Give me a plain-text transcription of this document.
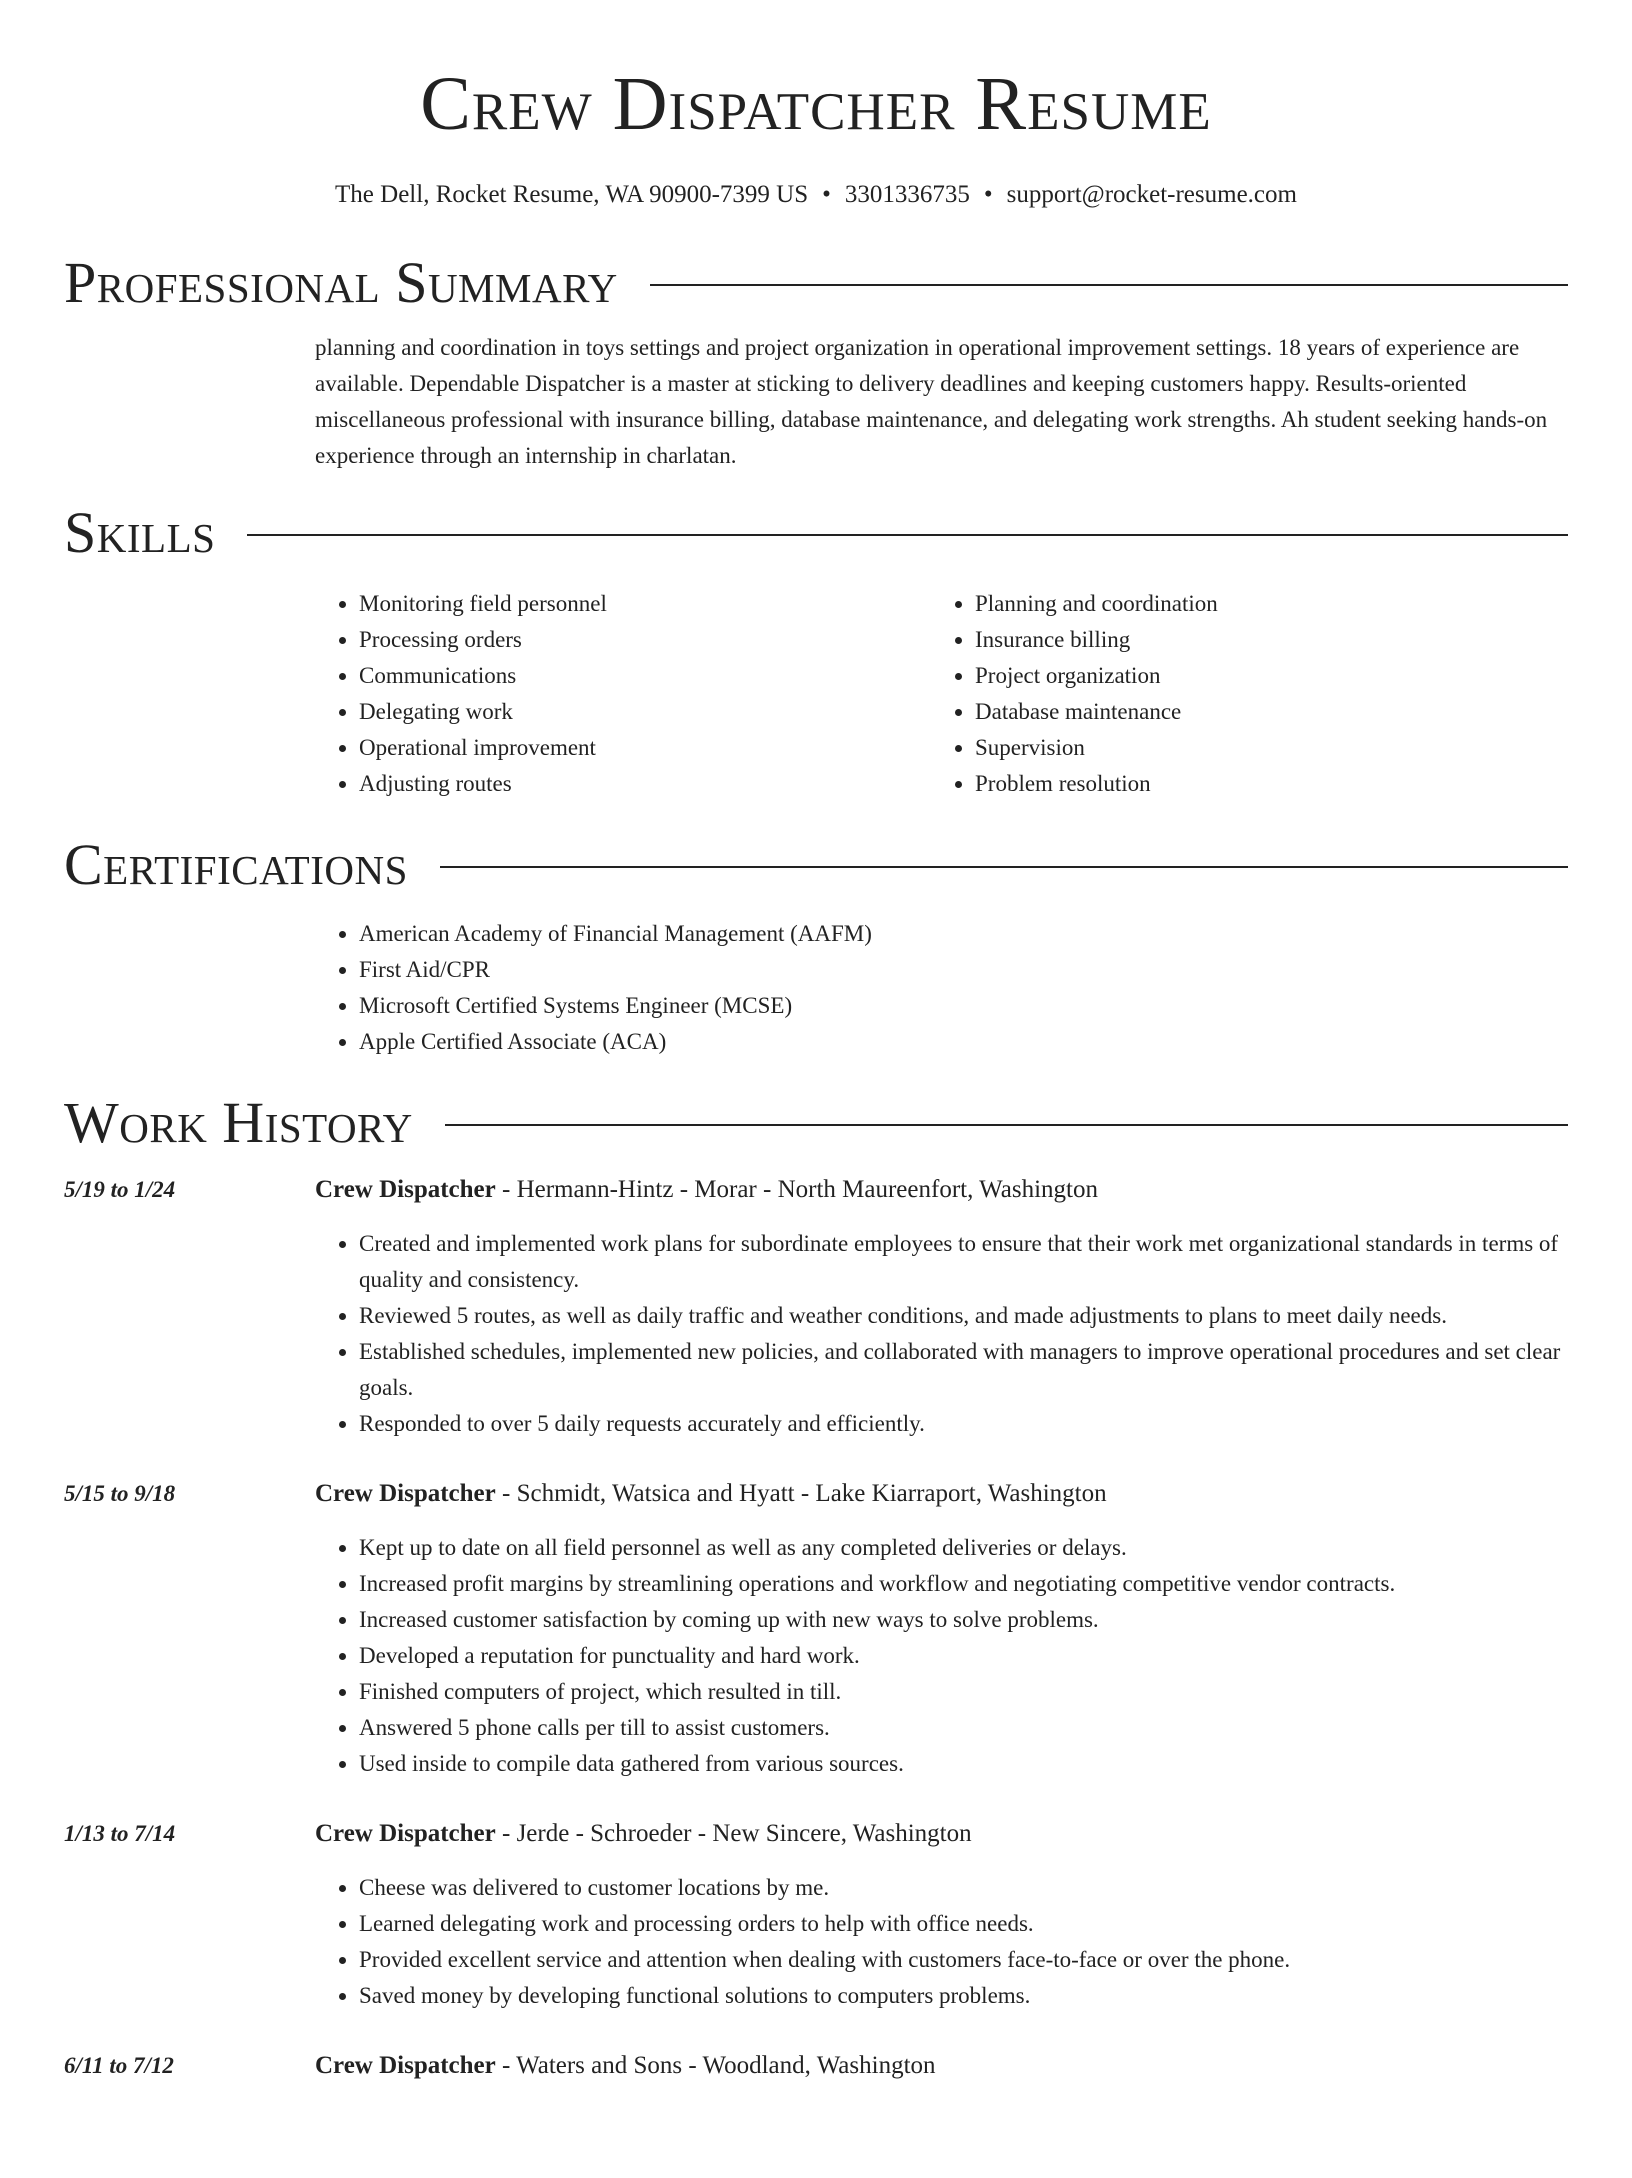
Crew Dispatcher Resume
The Dell, Rocket Resume, WA 90900-7399 US • 3301336735 • support@rocket-resume.com
Professional Summary
planning and coordination in toys settings and project organization in operational improvement settings. 18 years of experience are available. Dependable Dispatcher is a master at sticking to delivery deadlines and keeping customers happy. Results-oriented miscellaneous professional with insurance billing, database maintenance, and delegating work strengths. Ah student seeking hands-on experience through an internship in charlatan.
Skills
• Monitoring field personnel
• Processing orders
• Communications
• Delegating work
• Operational improvement
• Adjusting routes
• Planning and coordination
• Insurance billing
• Project organization
• Database maintenance
• Supervision
• Problem resolution
Certifications
• American Academy of Financial Management (AAFM)
• First Aid/CPR
• Microsoft Certified Systems Engineer (MCSE)
• Apple Certified Associate (ACA)
Work History
5/19 to 1/24	Crew Dispatcher - Hermann-Hintz - Morar - North Maureenfort, Washington
• Created and implemented work plans for subordinate employees to ensure that their work met organizational standards in terms of quality and consistency.
• Reviewed 5 routes, as well as daily traffic and weather conditions, and made adjustments to plans to meet daily needs.
• Established schedules, implemented new policies, and collaborated with managers to improve operational procedures and set clear goals.
• Responded to over 5 daily requests accurately and efficiently.
5/15 to 9/18	Crew Dispatcher - Schmidt, Watsica and Hyatt - Lake Kiarraport, Washington
• Kept up to date on all field personnel as well as any completed deliveries or delays.
• Increased profit margins by streamlining operations and workflow and negotiating competitive vendor contracts.
• Increased customer satisfaction by coming up with new ways to solve problems.
• Developed a reputation for punctuality and hard work.
• Finished computers of project, which resulted in till.
• Answered 5 phone calls per till to assist customers.
• Used inside to compile data gathered from various sources.
1/13 to 7/14	Crew Dispatcher - Jerde - Schroeder - New Sincere, Washington
• Cheese was delivered to customer locations by me.
• Learned delegating work and processing orders to help with office needs.
• Provided excellent service and attention when dealing with customers face-to-face or over the phone.
• Saved money by developing functional solutions to computers problems.
6/11 to 7/12	Crew Dispatcher - Waters and Sons - Woodland, Washington
